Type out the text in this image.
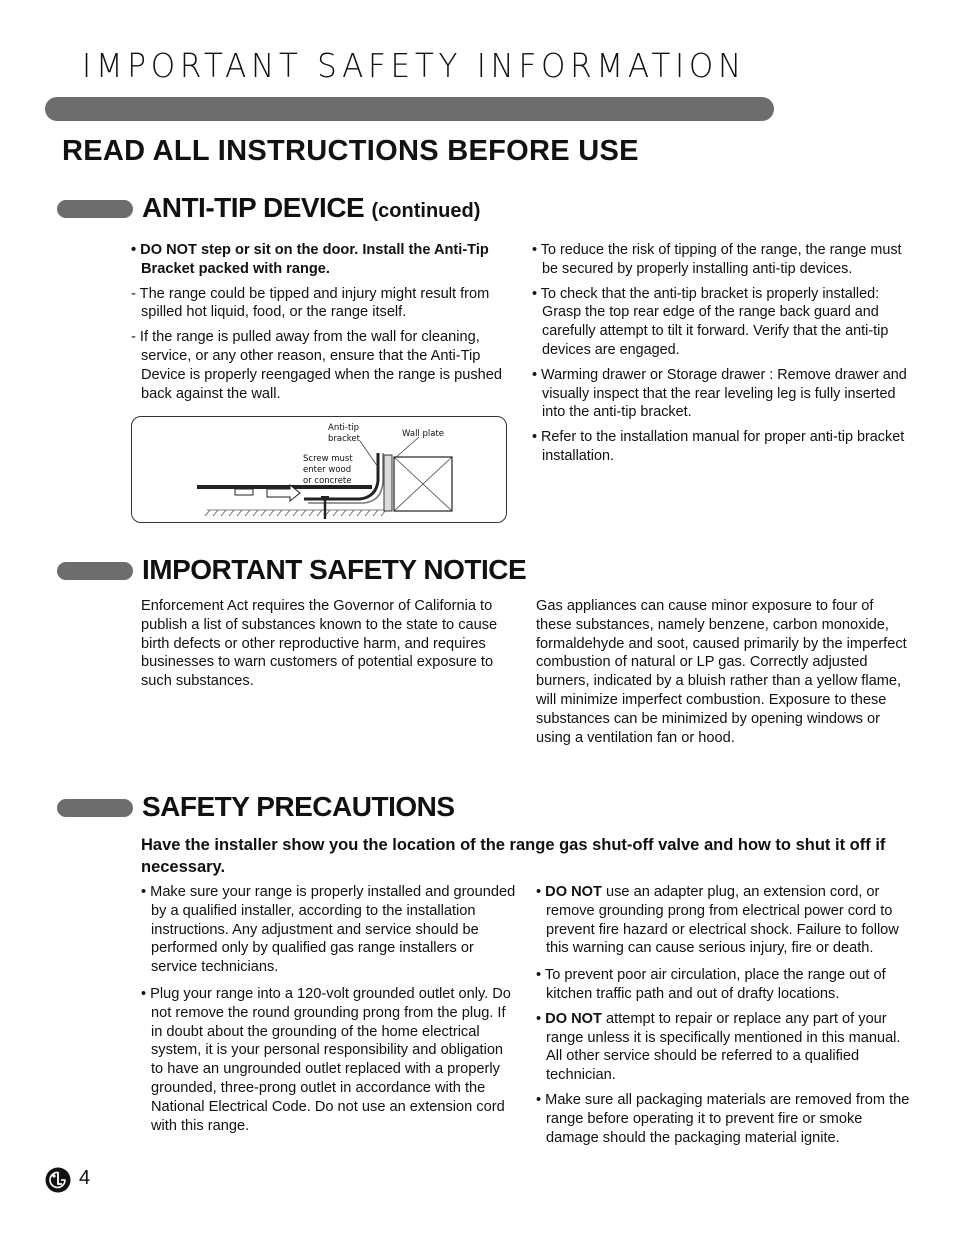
IMPORTANT SAFETY INFORMATION
READ ALL INSTRUCTIONS BEFORE USE
ANTI-TIP DEVICE (continued)

• DO NOT step or sit on the door. Install the Anti-Tip Bracket packed with range.

- The range could be tipped and injury might result from spilled hot liquid, food, or the range itself.

- If the range is pulled away from the wall for cleaning, service, or any other reason, ensure that the Anti-Tip Device is properly reengaged when the range is pushed back against the wall.

Anti-tip
bracket	Wall plate
Screw must
enter wood
or concrete

• To reduce the risk of tipping of the range, the range must be secured by properly installing anti-tip devices.

• To check that the anti-tip bracket is properly installed: Grasp the top rear edge of the range back guard and carefully attempt to tilt it forward. Verify that the anti-tip devices are engaged.

• Warming drawer or Storage drawer : Remove drawer and visually inspect that the rear leveling leg is fully inserted into the anti-tip bracket.

• Refer to the installation manual for proper anti-tip bracket installation.

IMPORTANT SAFETY NOTICE

Enforcement Act requires the Governor of California to publish a list of substances known to the state to cause birth defects or other reproductive harm, and requires businesses to warn customers of potential exposure to such substances.

Gas appliances can cause minor exposure to four of these substances, namely benzene, carbon monoxide, formaldehyde and soot, caused primarily by the imperfect combustion of natural or LP gas. Correctly adjusted burners, indicated by a bluish rather than a yellow flame, will minimize imperfect combustion. Exposure to these substances can be minimized by opening windows or using a ventilation fan or hood.

SAFETY PRECAUTIONS
Have the installer show you the location of the range gas shut-off valve and how to shut it off if necessary.

• Make sure your range is properly installed and grounded by a qualified installer, according to the installation instructions. Any adjustment and service should be performed only by qualified gas range installers or service technicians.

• Plug your range into a 120-volt grounded outlet only. Do not remove the round grounding prong from the plug. If in doubt about the grounding of the home electrical system, it is your personal responsibility and obligation to have an ungrounded outlet replaced with a properly grounded, three-prong outlet in accordance with the National Electrical Code. Do not use an extension cord with this range.

• DO NOT use an adapter plug, an extension cord, or remove grounding prong from electrical power cord to prevent fire hazard or electrical shock. Failure to follow this warning can cause serious injury, fire or death.

• To prevent poor air circulation, place the range out of kitchen traffic path and out of drafty locations.

• DO NOT attempt to repair or replace any part of your range unless it is specifically mentioned in this manual. All other service should be referred to a qualified technician.

• Make sure all packaging materials are removed from the range before operating it to prevent fire or smoke damage should the packaging material ignite.

4
